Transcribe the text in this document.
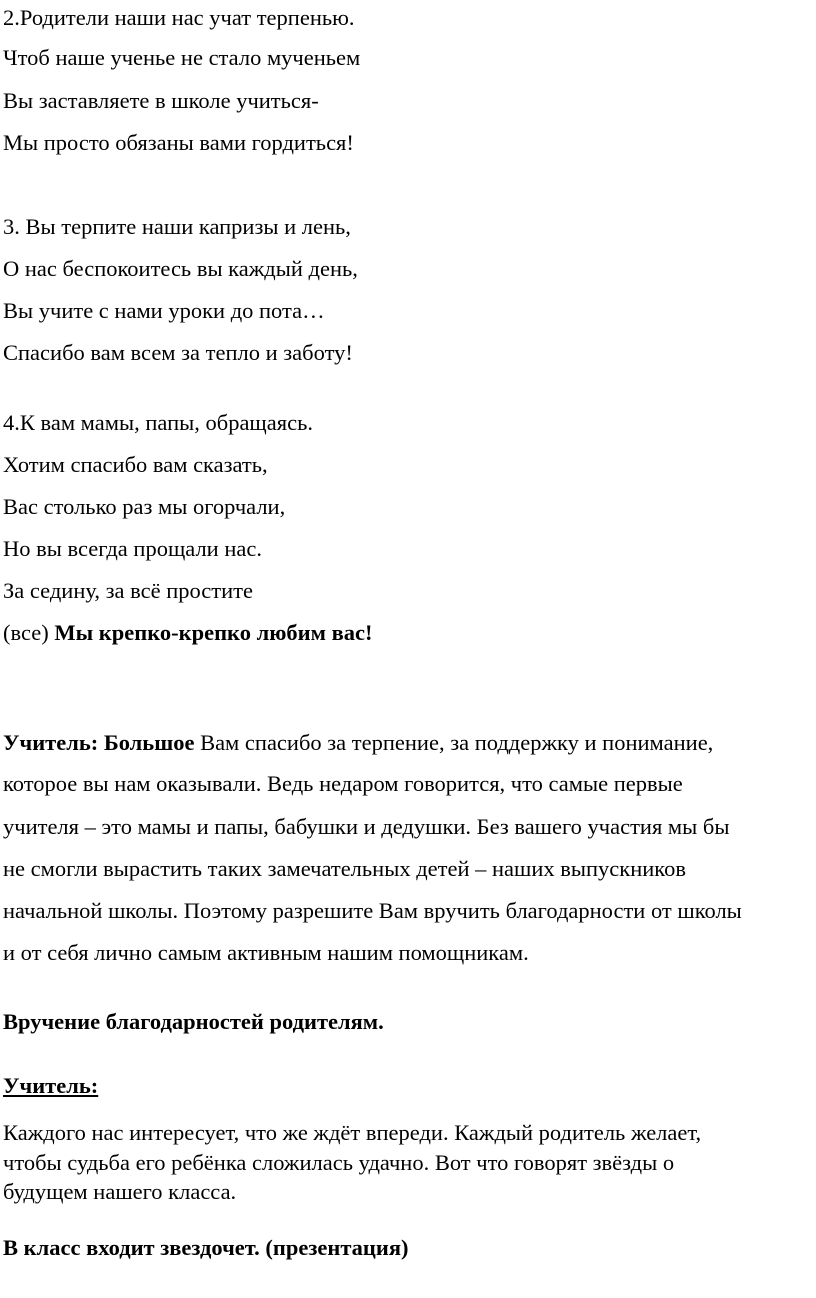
2.Родители наши нас учат терпенью.
Чтоб наше ученье не стало мученьем
Вы заставляете в школе учиться-
Мы просто обязаны вами гордиться!
3. Вы терпите наши капризы и лень,
О нас беспокоитесь вы каждый день,
Вы учите с нами уроки до пота…
Спасибо вам всем за тепло и заботу!
4.К вам мамы, папы, обращаясь.
Хотим спасибо вам сказать,
Вас столько раз мы огорчали,
Но вы всегда прощали нас.
За седину, за всё простите
(все) Мы крепко-крепко любим вас!
Учитель: Большое Вам спасибо за терпение, за поддержку и понимание,
которое вы нам оказывали. Ведь недаром говорится, что самые первые
учителя – это мамы и папы, бабушки и дедушки. Без вашего участия мы бы
не смогли вырастить таких замечательных детей – наших выпускников
начальной школы. Поэтому разрешите Вам вручить благодарности от школы
и от себя лично самым активным нашим помощникам.
Вручение благодарностей родителям.
Учитель:
Каждого нас интересует, что же ждёт впереди. Каждый родитель желает,
чтобы судьба его ребёнка сложилась удачно. Вот что говорят звёзды о
будущем нашего класса.
В класс входит звездочет. (презентация)
